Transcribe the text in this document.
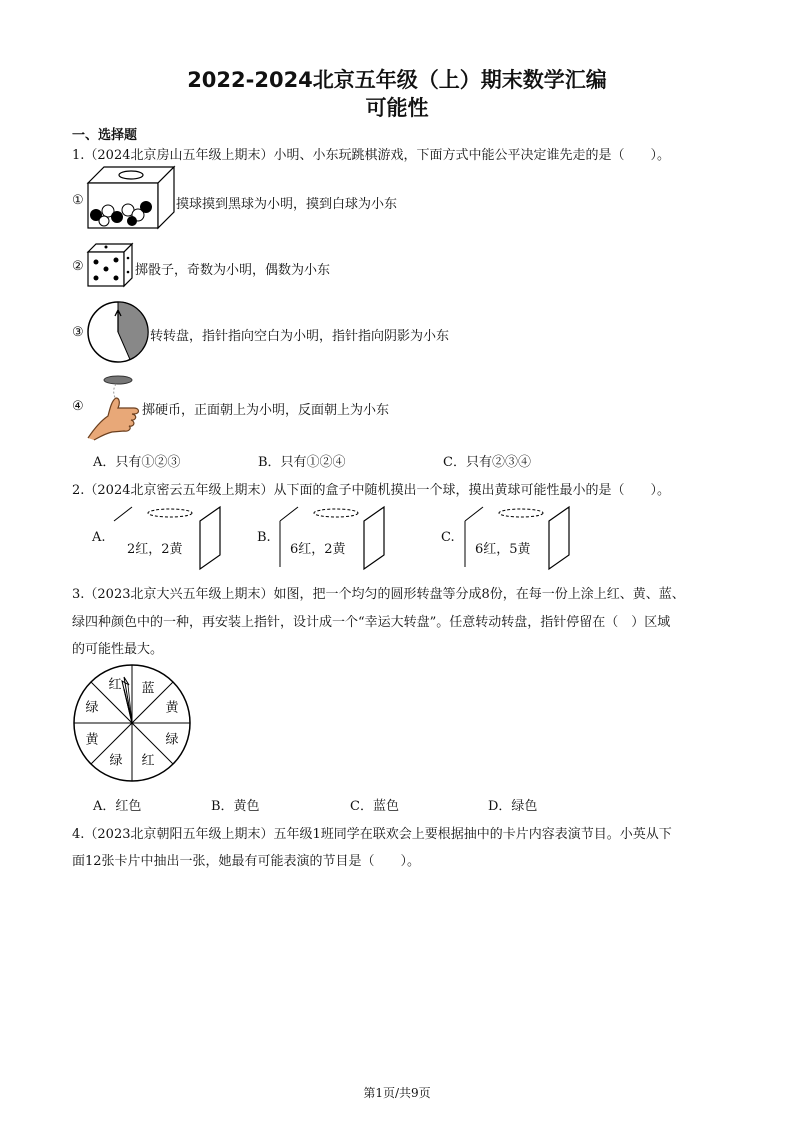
2022-2024北京五年级（上）期末数学汇编
可能性
一、选择题
1.（2024北京房山五年级上期末）小明、小东玩跳棋游戏，下面方式中能公平决定谁先走的是（　　）。
①	摸球摸到黑球为小明，摸到白球为小东
②	掷骰子，奇数为小明，偶数为小东
③	转转盘，指针指向空白为小明，指针指向阴影为小东
④	掷硬币，正面朝上为小明，反面朝上为小东
A．只有①②③	B．只有①②④	C．只有②③④
2.（2024北京密云五年级上期末）从下面的盒子中随机摸出一个球，摸出黄球可能性最小的是（　　）。
A.
2红，2黄
B.
6红，2黄
C.
6红，5黄
3.（2023北京大兴五年级上期末）如图，把一个均匀的圆形转盘等分成8份，在每一份上涂上红、黄、蓝、
绿四种颜色中的一种，再安装上指针，设计成一个“幸运大转盘”。任意转动转盘，指针停留在（　）区域
的可能性最大。
蓝
黄
绿
红
绿
黄
绿
红
A．红色	B．黄色	C．蓝色	D．绿色
4.（2023北京朝阳五年级上期末）五年级1班同学在联欢会上要根据抽中的卡片内容表演节目。小英从下
面12张卡片中抽出一张，她最有可能表演的节目是（　　）。
第1页/共9页
